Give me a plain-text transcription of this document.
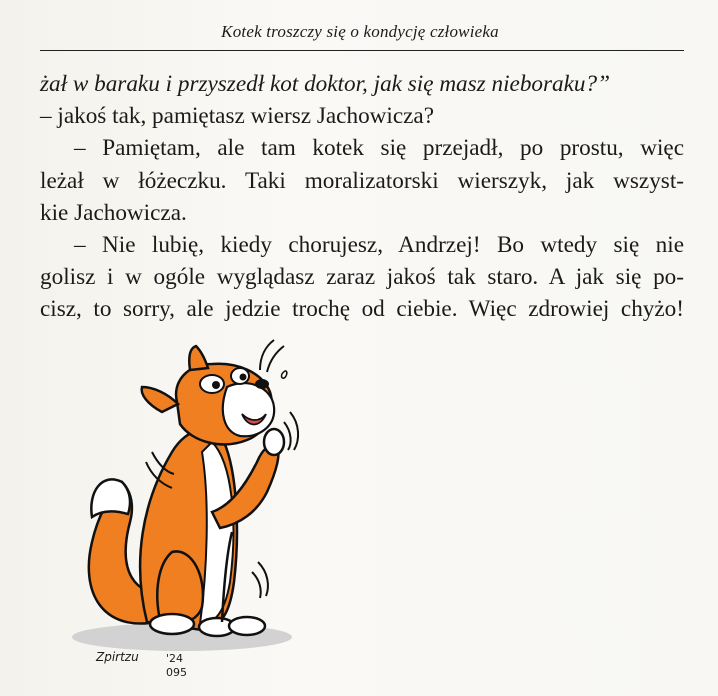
Kotek troszczy się o kondycję człowieka
żał w baraku i przyszedł kot doktor, jak się masz nieboraku?”
– jakoś tak, pamiętasz wiersz Jachowicza?
– Pamiętam, ale tam kotek się przejadł, po prostu, więc
leżał w łóżeczku. Taki moralizatorski wierszyk, jak wszyst-
kie Jachowicza.
– Nie lubię, kiedy chorujesz, Andrzej! Bo wtedy się nie
golisz i w ogóle wyglądasz zaraz jakoś tak staro. A jak się po-
cisz, to sorry, ale jedzie trochę od ciebie. Więc zdrowiej chyżo!
Zpirtzu '24
095
